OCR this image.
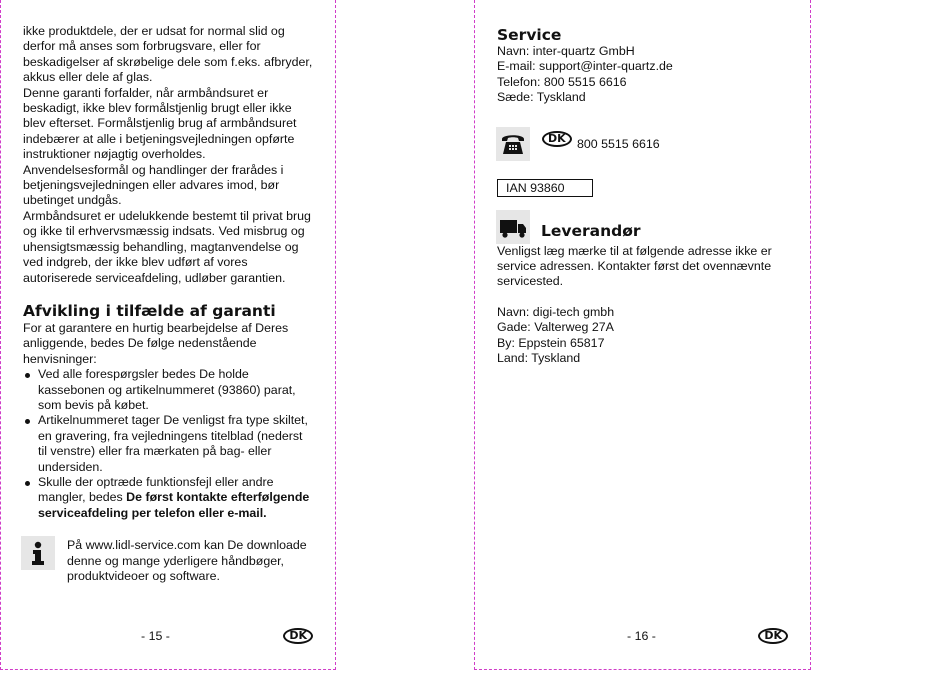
ikke produktdele, der er udsat for normal slid og derfor må anses som forbrugsvare, eller for beskadigelser af skrøbelige dele som f.eks. afbryder, akkus eller dele af glas.

Denne garanti forfalder, når armbåndsuret er beskadigt, ikke blev formålstjenlig brugt eller ikke blev efterset. Formålstjenlig brug af armbåndsuret indebærer at alle i betjeningsvejledningen opførte instruktioner nøjagtig overholdes. Anvendelsesformål og handlinger der frarådes i betjeningsvejledningen eller advares imod, bør ubetinget undgås.

Armbåndsuret er udelukkende bestemt til privat brug og ikke til erhvervsmæssig indsats. Ved misbrug og uhensigtsmæssig behandling, magtanvendelse og ved indgreb, der ikke blev udført af vores autoriserede serviceafdeling, udløber garantien.

Afvikling i tilfælde af garanti

For at garantere en hurtig bearbejdelse af Deres anliggende, bedes De følge nedenstående henvisninger:

Ved alle forespørgsler bedes De holde kassebonen og artikelnummeret (93860) parat, som bevis på købet.
Artikelnummeret tager De venligst fra type skiltet, en gravering, fra vejledningens titelblad (nederst til venstre) eller fra mærkaten på bag- eller undersiden.
Skulle der optræde funktionsfejl eller andre mangler, bedes De først kontakte efterfølgende serviceafdeling per telefon eller e-mail.

På www.lidl-service.com kan De downloade denne og mange yderligere håndbøger, produktvideoer og software.

- 15 -	DK
Service

Navn: inter-quartz GmbH

E-mail: support@inter-quartz.de

Telefon: 800 5515 6616

Sæde: Tyskland

DK 800 5515 6616
IAN 93860
Leverandør

Venligst læg mærke til at følgende adresse ikke er service adressen. Kontakter først det ovennævnte servicested.

Navn: digi-tech gmbh

Gade: Valterweg 27A

By: Eppstein 65817

Land: Tyskland

- 16 -	DK
